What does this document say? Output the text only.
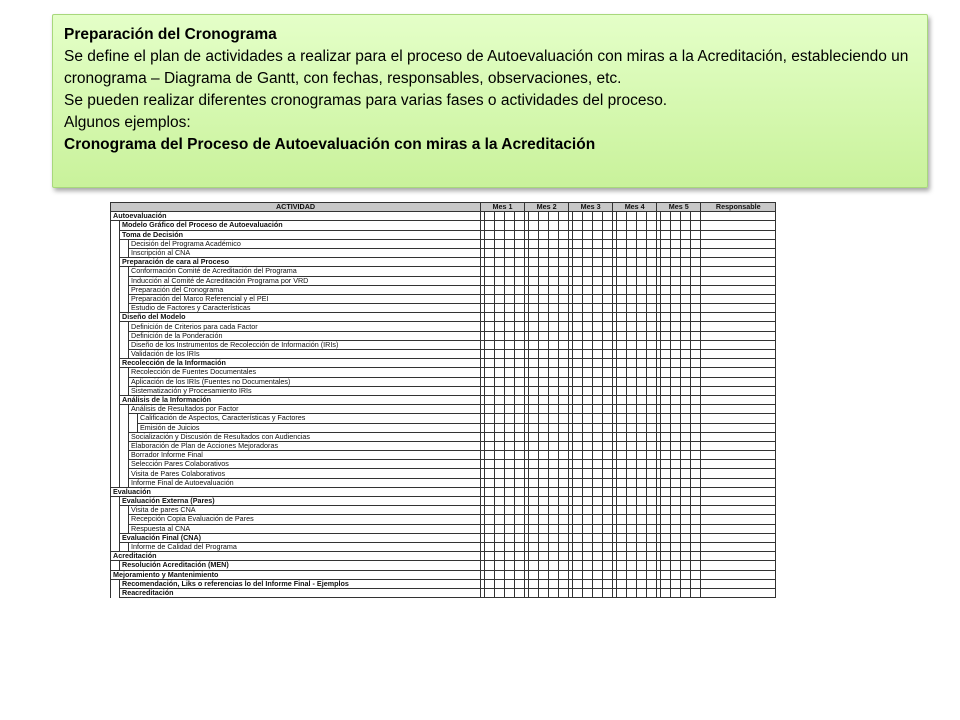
Preparación del Cronograma

Se define el plan de actividades a realizar para el proceso de Autoevaluación con miras a la Acreditación, estableciendo un cronograma – Diagrama de Gantt, con fechas, responsables, observaciones, etc.

Se pueden realizar diferentes cronogramas para varias fases o actividades del proceso.

Algunos ejemplos:

Cronograma del Proceso de Autoevaluación con miras a la Acreditación

ACTIVIDAD				Mes 1					Mes 2					Mes 3					Mes 4					Mes 5					Responsable
Autoevaluación																													
	Modelo Gráfico del Proceso de Autoevaluación																												
	Toma de Decisión																												
		Decisión del Programa Académico																											
		Inscripción al CNA																											
	Preparación de cara al Proceso																												
		Conformación Comité de Acreditación del Programa																											
		Inducción al Comité de Acreditación Programa por VRD																											
		Preparación del Cronograma																											
		Preparación del Marco Referencial y el PEI																											
		Estudio de Factores y Características																											
	Diseño del Modelo																												
		Definición de Criterios para cada Factor																											
		Definición de la Ponderación																											
		Diseño de los Instrumentos de Recolección de Información (IRIs)																											
		Validación de los IRIs																											
	Recolección de la Información																												
		Recolección de Fuentes Documentales																											
		Aplicación de los IRIs (Fuentes no Documentales)																											
		Sistematización y Procesamiento IRIs																											
	Análisis de la Información																												
		Análisis de Resultados por Factor																											
			Calificación de Aspectos, Características y Factores																										
			Emisión de Juicios																										
		Socialización y Discusión de Resultados con Audiencias																											
		Elaboración de Plan de Acciones Mejoradoras																											
		Borrador Informe Final																											
		Selección Pares Colaborativos																											
		Visita de Pares Colaborativos																											
		Informe Final de Autoevaluación																											
Evaluación																													
	Evaluación Externa (Pares)																												
		Visita de pares CNA																											
		Recepción Copia Evaluación de Pares																											
		Respuesta al CNA																											
	Evaluación Final (CNA)																												
		Informe de Calidad del Programa																											
Acreditación																													
	Resolución Acreditación (MEN)																												
Mejoramiento y Mantenimiento																													
	Recomendación, Liks o referencias lo del Informe Final - Ejemplos																												
	Reacreditación																												
